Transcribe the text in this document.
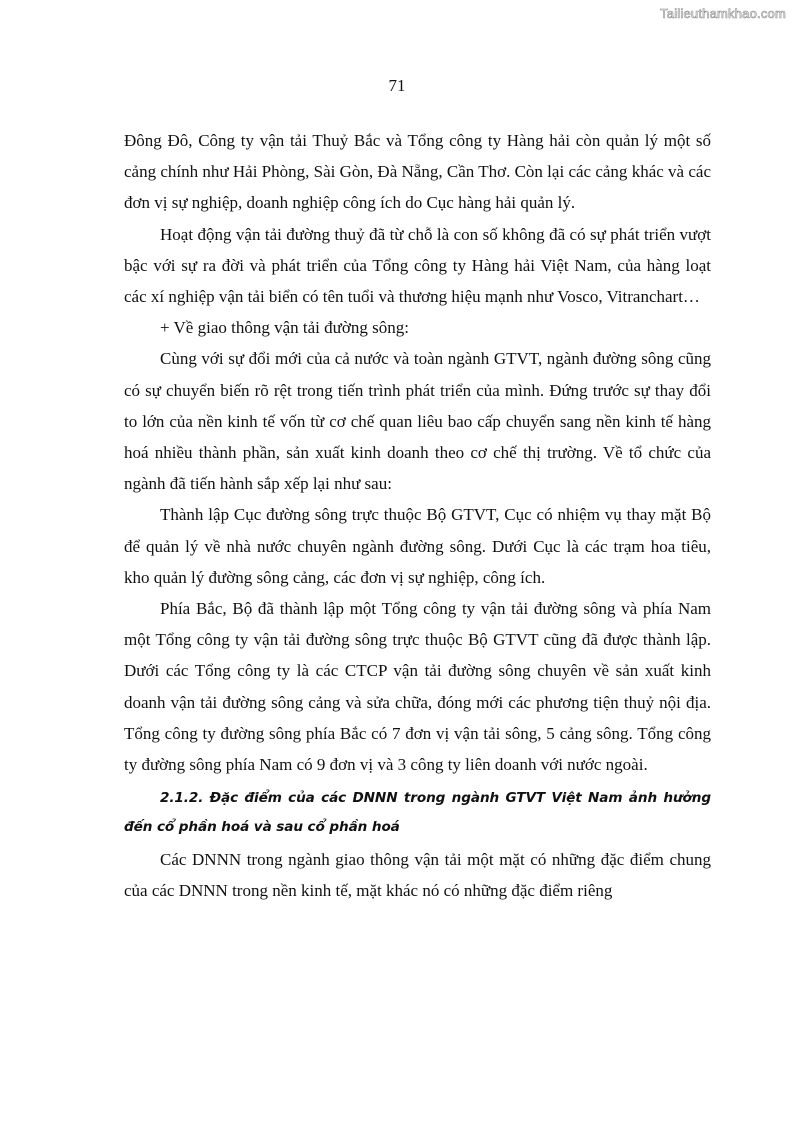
Tailieuthamkhao.com
71

Đông Đô, Công ty vận tải Thuỷ Bắc và Tổng công ty Hàng hải còn quản lý một số cảng chính như Hải Phòng, Sài Gòn, Đà Nẵng, Cần Thơ. Còn lại các cảng khác và các đơn vị sự nghiệp, doanh nghiệp công ích do Cục hàng hải quản lý.

Hoạt động vận tải đường thuỷ đã từ chỗ là con số không đã có sự phát triển vượt bậc với sự ra đời và phát triển của Tổng công ty Hàng hải Việt Nam, của hàng loạt các xí nghiệp vận tải biển có tên tuổi và thương hiệu mạnh như Vosco, Vitranchart…

+ Về giao thông vận tải đường sông:

Cùng với sự đổi mới của cả nước và toàn ngành GTVT, ngành đường sông cũng có sự chuyển biến rõ rệt trong tiến trình phát triển của mình. Đứng trước sự thay đổi to lớn của nền kinh tế vốn từ cơ chế quan liêu bao cấp chuyển sang nền kinh tế hàng hoá nhiều thành phần, sản xuất kinh doanh theo cơ chế thị trường. Về tổ chức của ngành đã tiến hành sắp xếp lại như sau:

Thành lập Cục đường sông trực thuộc Bộ GTVT, Cục có nhiệm vụ thay mặt Bộ để quản lý về nhà nước chuyên ngành đường sông. Dưới Cục là các trạm hoa tiêu, kho quản lý đường sông cảng, các đơn vị sự nghiệp, công ích.

Phía Bắc, Bộ đã thành lập một Tổng công ty vận tải đường sông và phía Nam một Tổng công ty vận tải đường sông trực thuộc Bộ GTVT cũng đã được thành lập. Dưới các Tổng công ty là các CTCP vận tải đường sông chuyên về sản xuất kinh doanh vận tải đường sông cảng và sửa chữa, đóng mới các phương tiện thuỷ nội địa. Tổng công ty đường sông phía Bắc có 7 đơn vị vận tải sông, 5 cảng sông. Tổng công ty đường sông phía Nam có 9 đơn vị và 3 công ty liên doanh với nước ngoài.

2.1.2. Đặc điểm của các DNNN trong ngành GTVT Việt Nam ảnh hưởng
đến cổ phần hoá và sau cổ phần hoá

Các DNNN trong ngành giao thông vận tải một mặt có những đặc điểm chung của các DNNN trong nền kinh tế, mặt khác nó có những đặc điểm riêng
